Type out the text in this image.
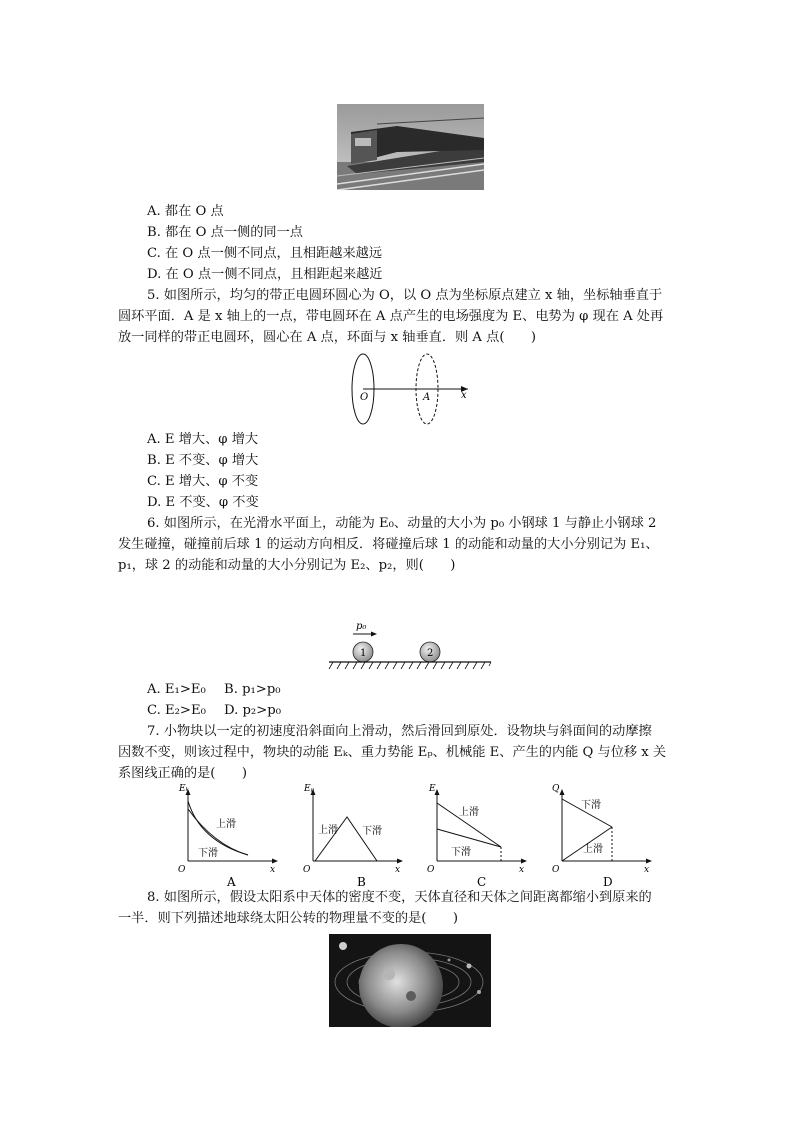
A. 都在 O 点
B. 都在 O 点一侧的同一点
C. 在 O 点一侧不同点，且相距越来越远
D. 在 O 点一侧不同点，且相距起来越近
5. 如图所示，均匀的带正电圆环圆心为 O，以 O 点为坐标原点建立 x 轴，坐标轴垂直于
圆环平面．A 是 x 轴上的一点，带电圆环在 A 点产生的电场强度为 E、电势为 φ 现在 A 处再
放一同样的带正电圆环，圆心在 A 点，环面与 x 轴垂直．则 A 点(　　)
O	A	x
A. E 增大、φ 增大
B. E 不变、φ 增大
C. E 增大、φ 不变
D. E 不变、φ 不变
6. 如图所示，在光滑水平面上，动能为 E₀、动量的大小为 p₀ 小钢球 1 与静止小钢球 2
发生碰撞，碰撞前后球 1 的运动方向相反．将碰撞后球 1 的动能和动量的大小分别记为 E₁、
p₁，球 2 的动能和动量的大小分别记为 E₂、p₂，则(　　)
p₀
1	2
A. E₁>E₀ B. p₁>p₀
C. E₂>E₀ D. p₂>p₀
7. 小物块以一定的初速度沿斜面向上滑动，然后滑回到原处．设物块与斜面间的动摩擦
因数不变，则该过程中，物块的动能 Eₖ、重力势能 Eₚ、机械能 E、产生的内能 Q 与位移 x 关
系图线正确的是(　　)
Eₖ
O	x
上滑
下滑
A
Eₚ
O	x
上滑 下滑
B
E
O	x
上滑
下滑
C
Q
O	x
上滑
下滑
D
8. 如图所示，假设太阳系中天体的密度不变，天体直径和天体之间距离都缩小到原来的
一半．则下列描述地球绕太阳公转的物理量不变的是(　　)
